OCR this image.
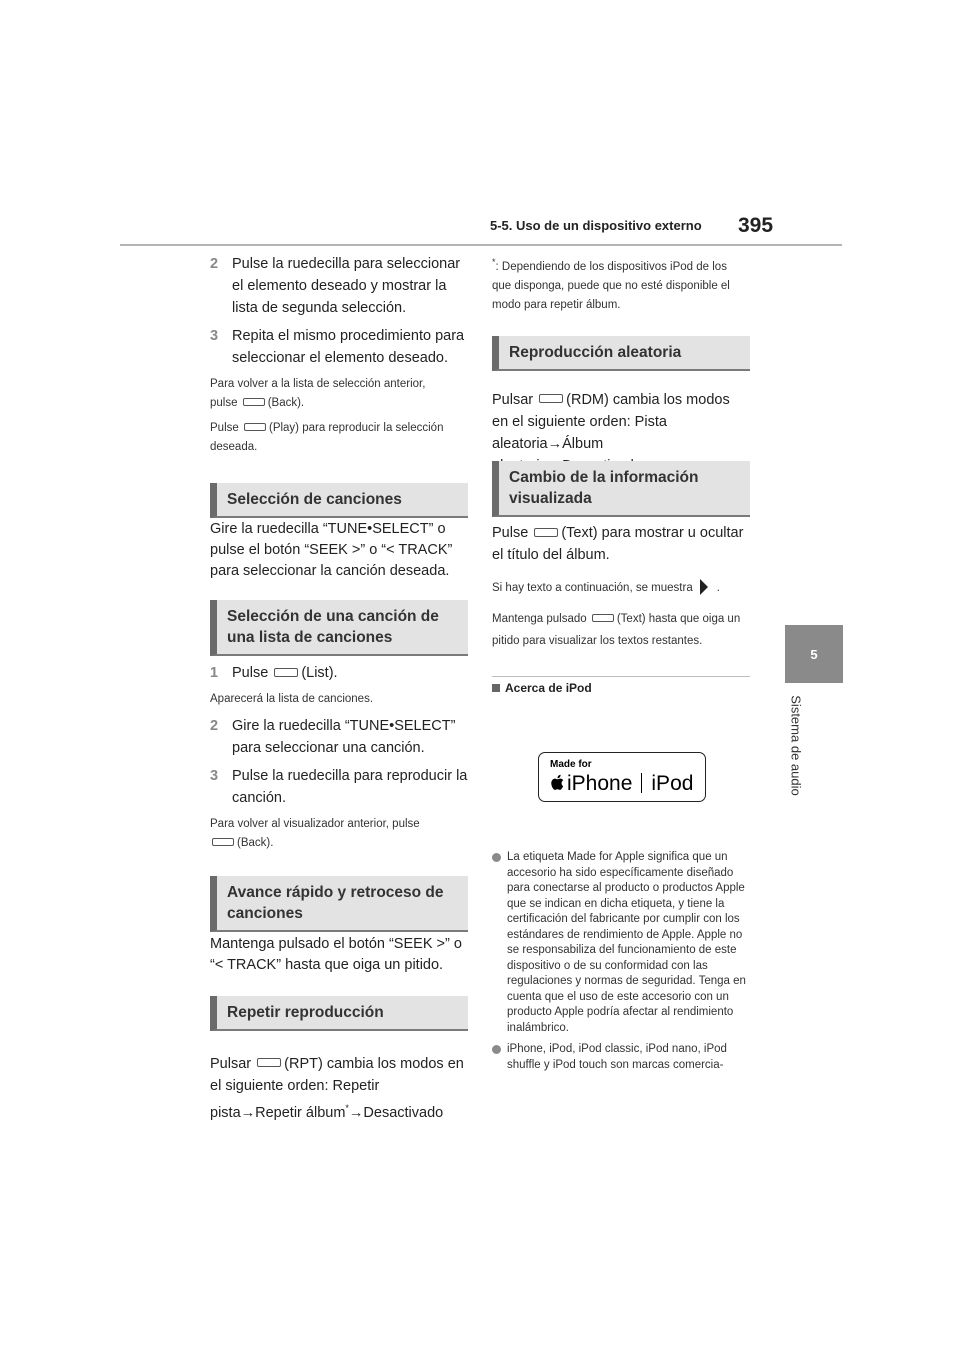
5-5. Uso de un dispositivo externo 395
5
Sistema de audio
2 Pulse la ruedecilla para seleccionar el elemento deseado y mostrar la lista de segunda selección.
3 Repita el mismo procedimiento para seleccionar el elemento deseado.

Para volver a la lista de selección anterior,
pulse	(Back).

Pulse	(Play) para reproducir la selección deseada.

Selección de canciones

Gire la ruedecilla “TUNE•SELECT” o pulse el botón “SEEK >” o “< TRACK” para seleccionar la canción deseada.

Selección de una canción de una lista de canciones
1 Pulse (List).

Aparecerá la lista de canciones.

2 Gire la ruedecilla “TUNE•SELECT” para seleccionar una canción.
3 Pulse la ruedecilla para reproducir la canción.

Para volver al visualizador anterior, pulse
(Back).

Avance rápido y retroceso de canciones

Mantenga pulsado el botón “SEEK >” o “< TRACK” hasta que oiga un pitido.

Repetir reproducción

Pulsar (RPT) cambia los modos en el siguiente orden: Repetir pista→Repetir álbum*→Desactivado

*: Dependiendo de los dispositivos iPod de los que disponga, puede que no esté disponible el modo para repetir álbum.

Reproducción aleatoria

Pulsar (RDM) cambia los modos en el siguiente orden: Pista aleatoria→Álbum

Cambio de la información visualizada

Pulse (Text) para mostrar u ocultar el título del álbum.

Si hay texto a continuación, se muestra .

Mantenga pulsado	(Text) hasta que oiga un pitido para visualizar los textos restantes.

Acerca de iPod
Made for
iPhone iPod
La etiqueta Made for Apple significa que un accesorio ha sido específicamente diseñado para conectarse al producto o productos Apple que se indican en dicha etiqueta, y tiene la certificación del fabricante por cumplir con los estándares de rendimiento de Apple. Apple no se responsabiliza del funcionamiento de este dispositivo o de su conformidad con las regulaciones y normas de seguridad. Tenga en cuenta que el uso de este accesorio con un producto Apple podría afectar al rendimiento inalámbrico.
iPhone, iPod, iPod classic, iPod nano, iPod shuffle y iPod touch son marcas comercia-
